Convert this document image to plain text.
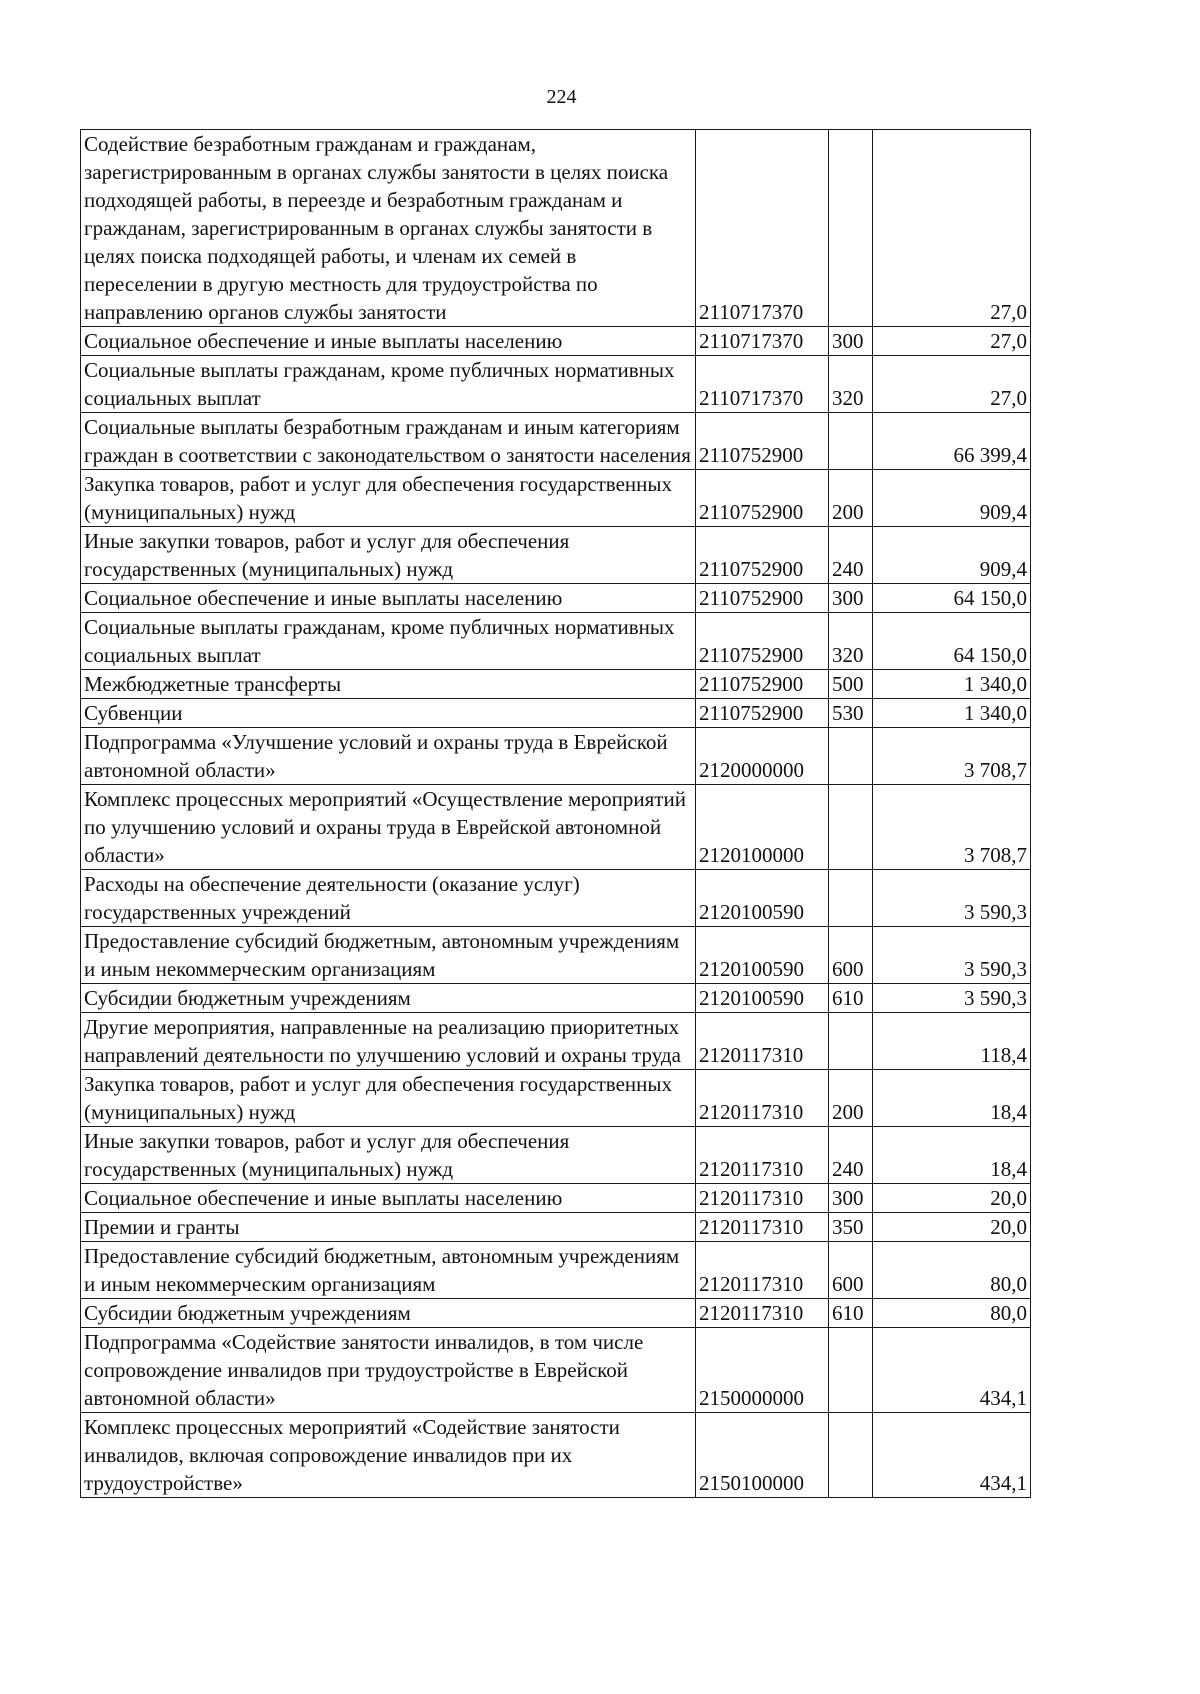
224
Содействие безработным гражданам и гражданам, зарегистрированным в органах службы занятости в целях поиска подходящей работы, в переезде и безработным гражданам и гражданам, зарегистрированным в органах службы занятости в целях поиска подходящей работы, и членам их семей в переселении в другую местность для трудоустройства по направлению органов службы занятости	2110717370		27,0
Социальное обеспечение и иные выплаты населению	2110717370	300	27,0
Социальные выплаты гражданам, кроме публичных нормативных социальных выплат	2110717370	320	27,0
Социальные выплаты безработным гражданам и иным категориям граждан в соответствии с законодательством о занятости населения	2110752900		66 399,4
Закупка товаров, работ и услуг для обеспечения государственных (муниципальных) нужд	2110752900	200	909,4
Иные закупки товаров, работ и услуг для обеспечения государственных (муниципальных) нужд	2110752900	240	909,4
Социальное обеспечение и иные выплаты населению	2110752900	300	64 150,0
Социальные выплаты гражданам, кроме публичных нормативных социальных выплат	2110752900	320	64 150,0
Межбюджетные трансферты	2110752900	500	1 340,0
Субвенции	2110752900	530	1 340,0
Подпрограмма «Улучшение условий и охраны труда в Еврейской автономной области»	2120000000		3 708,7
Комплекс процессных мероприятий «Осуществление мероприятий по улучшению условий и охраны труда в Еврейской автономной области»	2120100000		3 708,7
Расходы на обеспечение деятельности (оказание услуг) государственных учреждений	2120100590		3 590,3
Предоставление субсидий бюджетным, автономным учреждениям и иным некоммерческим организациям	2120100590	600	3 590,3
Субсидии бюджетным учреждениям	2120100590	610	3 590,3
Другие мероприятия, направленные на реализацию приоритетных направлений деятельности по улучшению условий и охраны труда	2120117310		118,4
Закупка товаров, работ и услуг для обеспечения государственных (муниципальных) нужд	2120117310	200	18,4
Иные закупки товаров, работ и услуг для обеспечения государственных (муниципальных) нужд	2120117310	240	18,4
Социальное обеспечение и иные выплаты населению	2120117310	300	20,0
Премии и гранты	2120117310	350	20,0
Предоставление субсидий бюджетным, автономным учреждениям и иным некоммерческим организациям	2120117310	600	80,0
Субсидии бюджетным учреждениям	2120117310	610	80,0
Подпрограмма «Содействие занятости инвалидов, в том числе сопровождение инвалидов при трудоустройстве в Еврейской автономной области»	2150000000		434,1
Комплекс процессных мероприятий «Содействие занятости инвалидов, включая сопровождение инвалидов при их трудоустройстве»	2150100000		434,1
